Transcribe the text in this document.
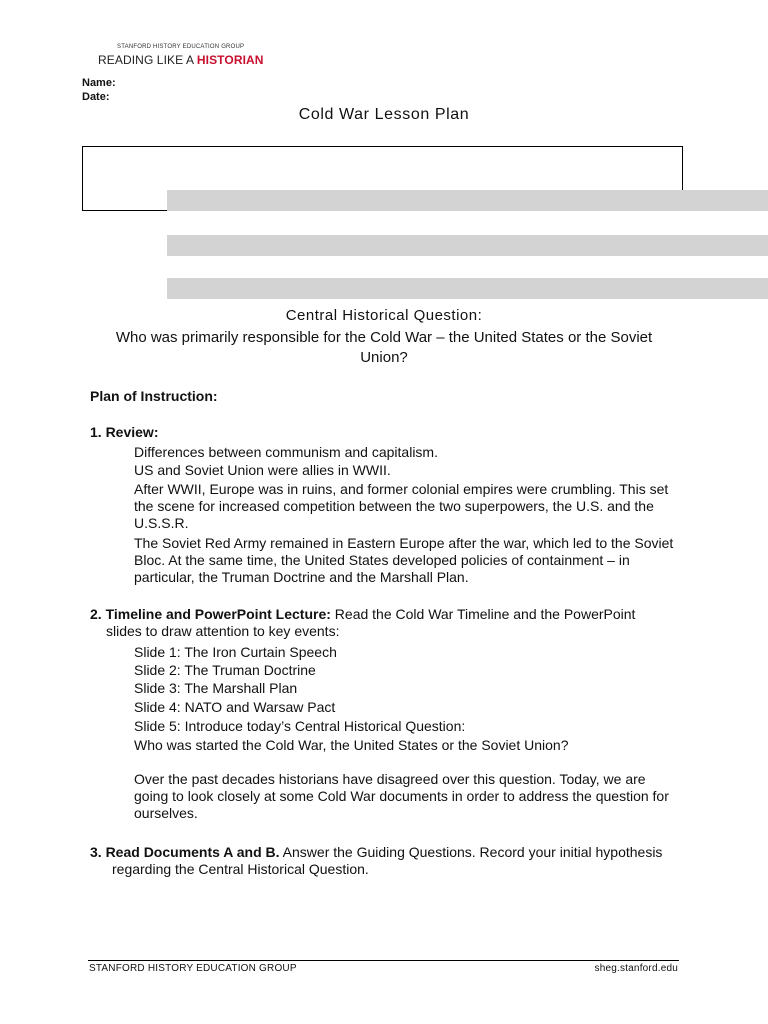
STANFORD HISTORY EDUCATION GROUP
READING LIKE A HISTORIAN
Name:
Date:
Cold War Lesson Plan
Central Historical Question:
Who was primarily responsible for the Cold War – the United States or the Soviet Union?
Plan of Instruction:
1. Review:
Differences between communism and capitalism.
US and Soviet Union were allies in WWII.
After WWII, Europe was in ruins, and former colonial empires were crumbling. This set the scene for increased competition between the two superpowers, the U.S. and the U.S.S.R.
The Soviet Red Army remained in Eastern Europe after the war, which led to the Soviet Bloc. At the same time, the United States developed policies of containment – in particular, the Truman Doctrine and the Marshall Plan.
2. Timeline and PowerPoint Lecture: Read the Cold War Timeline and the PowerPoint slides to draw attention to key events:
Slide 1: The Iron Curtain Speech
Slide 2: The Truman Doctrine
Slide 3: The Marshall Plan
Slide 4: NATO and Warsaw Pact
Slide 5: Introduce today’s Central Historical Question:
Who was started the Cold War, the United States or the Soviet Union?
Over the past decades historians have disagreed over this question. Today, we are going to look closely at some Cold War documents in order to address the question for ourselves.
3. Read Documents A and B. Answer the Guiding Questions. Record your initial hypothesis regarding the Central Historical Question.
STANFORD HISTORY EDUCATION GROUP	sheg.stanford.edu
